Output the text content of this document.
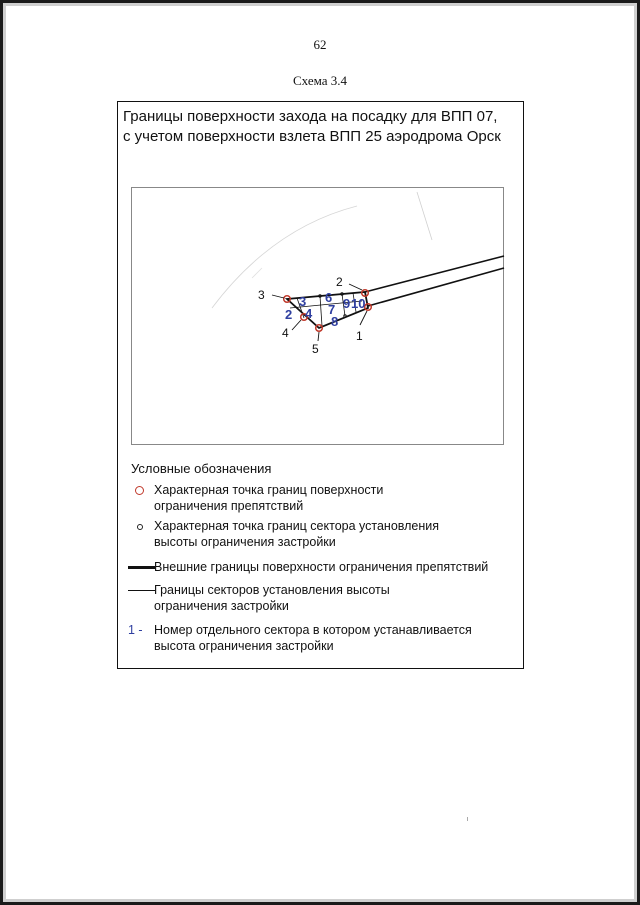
62
Схема 3.4
Границы поверхности захода на посадку для ВПП 07,
с учетом поверхности взлета ВПП 25 аэродрома Орск
1
2
3
4
5
2
3
4
6
7
8
9 10
Условные обозначения
Характерная точка границ поверхности
ограничения препятствий
Характерная точка границ сектора установления
высоты ограничения застройки
Внешние границы поверхности ограничения препятствий
Границы секторов установления высоты
ограничения застройки
1 - Номер отдельного сектора в котором устанавливается
высота ограничения застройки
